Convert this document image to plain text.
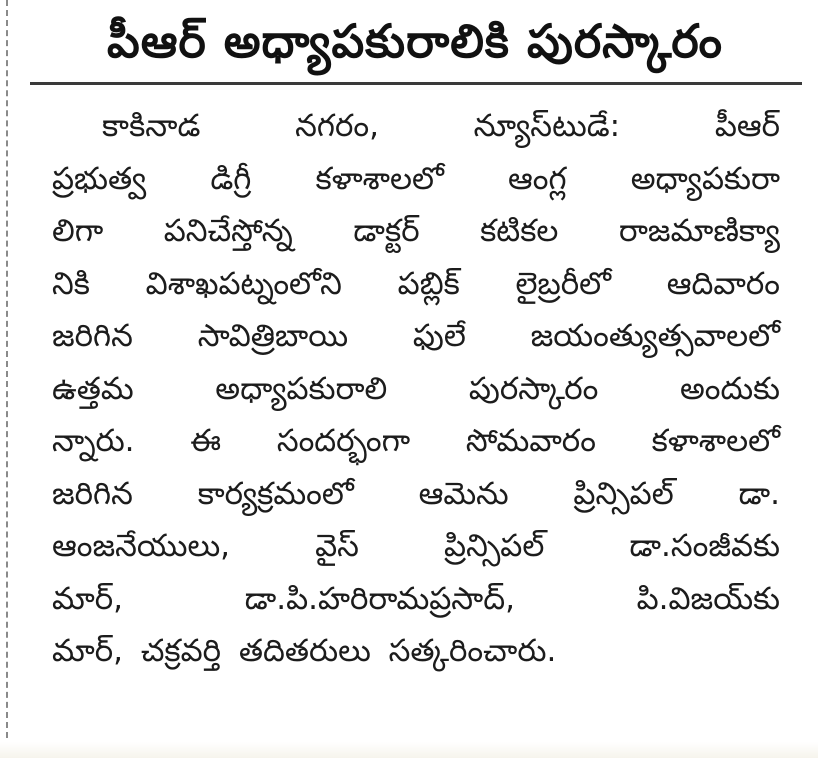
పీఆర్ అధ్యాపకురాలికి పురస్కారం
కాకినాడ నగరం, న్యూస్‌టుడే: పీఆర్
ప్రభుత్వ డిగ్రీ కళాశాలలో ఆంగ్ల అధ్యాపకురా
లిగా పనిచేస్తోన్న డాక్టర్ కటికల రాజమాణిక్యా
నికి విశాఖపట్నంలోని పబ్లిక్ లైబ్రరీలో ఆదివారం
జరిగిన సావిత్రిబాయి ఫులే జయంత్యుత్సవాలలో
ఉత్తమ అధ్యాపకురాలి పురస్కారం అందుకు
న్నారు. ఈ సందర్భంగా సోమవారం కళాశాలలో
జరిగిన కార్యక్రమంలో ఆమెను ప్రిన్సిపల్ డా.
ఆంజనేయులు, వైస్ ప్రిన్సిపల్ డా.సంజీవకు
మార్, డా.పి.హరిరామప్రసాద్, పి.విజయ్‌కు
మార్, చక్రవర్తి తదితరులు సత్కరించారు.
